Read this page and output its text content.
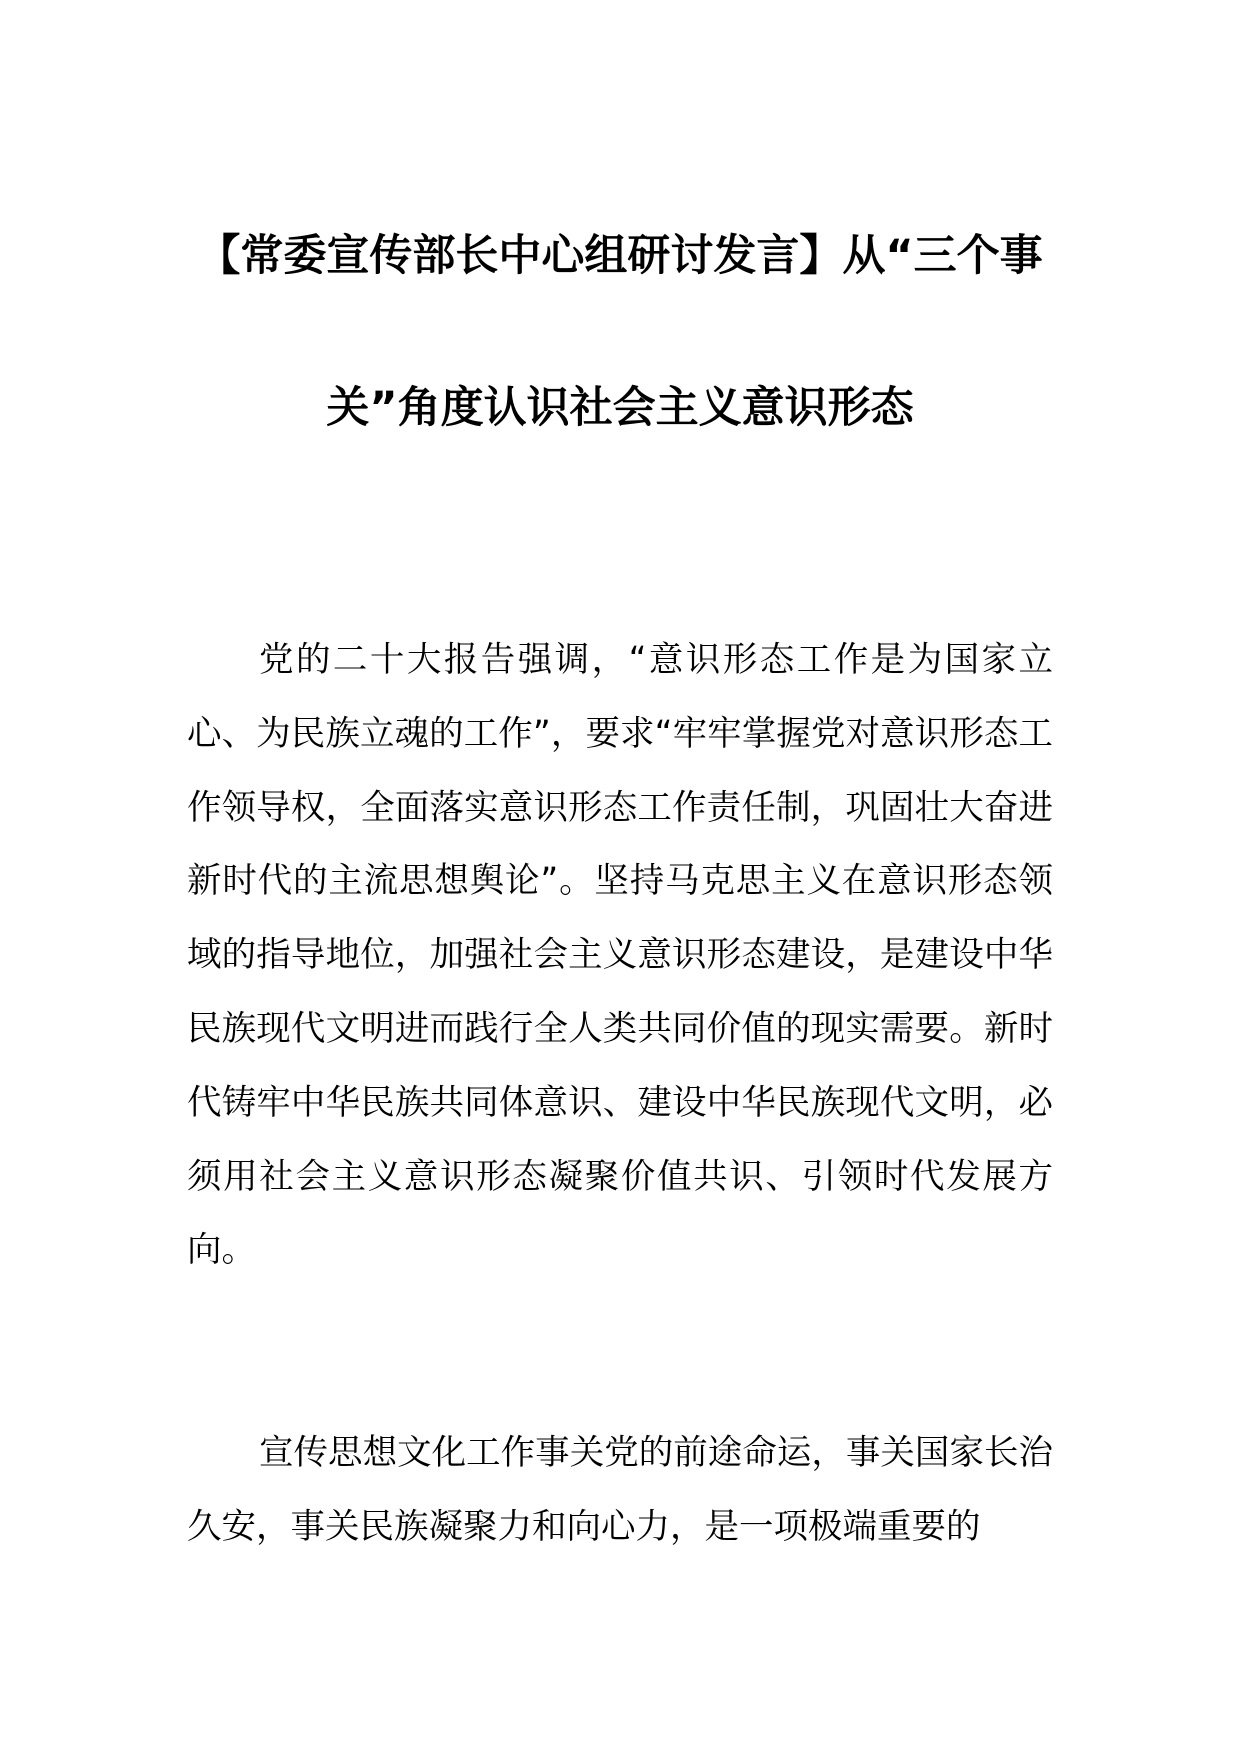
【常委宣传部长中心组研讨发言】从“三个事关”角度认识社会主义意识形态

党的二十大报告强调，“意识形态工作是为国家立心、为民族立魂的工作”，要求“牢牢掌握党对意识形态工作领导权，全面落实意识形态工作责任制，巩固壮大奋进新时代的主流思想舆论”。坚持马克思主义在意识形态领域的指导地位，加强社会主义意识形态建设，是建设中华民族现代文明进而践行全人类共同价值的现实需要。新时代铸牢中华民族共同体意识、建设中华民族现代文明，必须用社会主义意识形态凝聚价值共识、引领时代发展方向。

宣传思想文化工作事关党的前途命运，事关国家长治久安，事关民族凝聚力和向心力，是一项极端重要的
